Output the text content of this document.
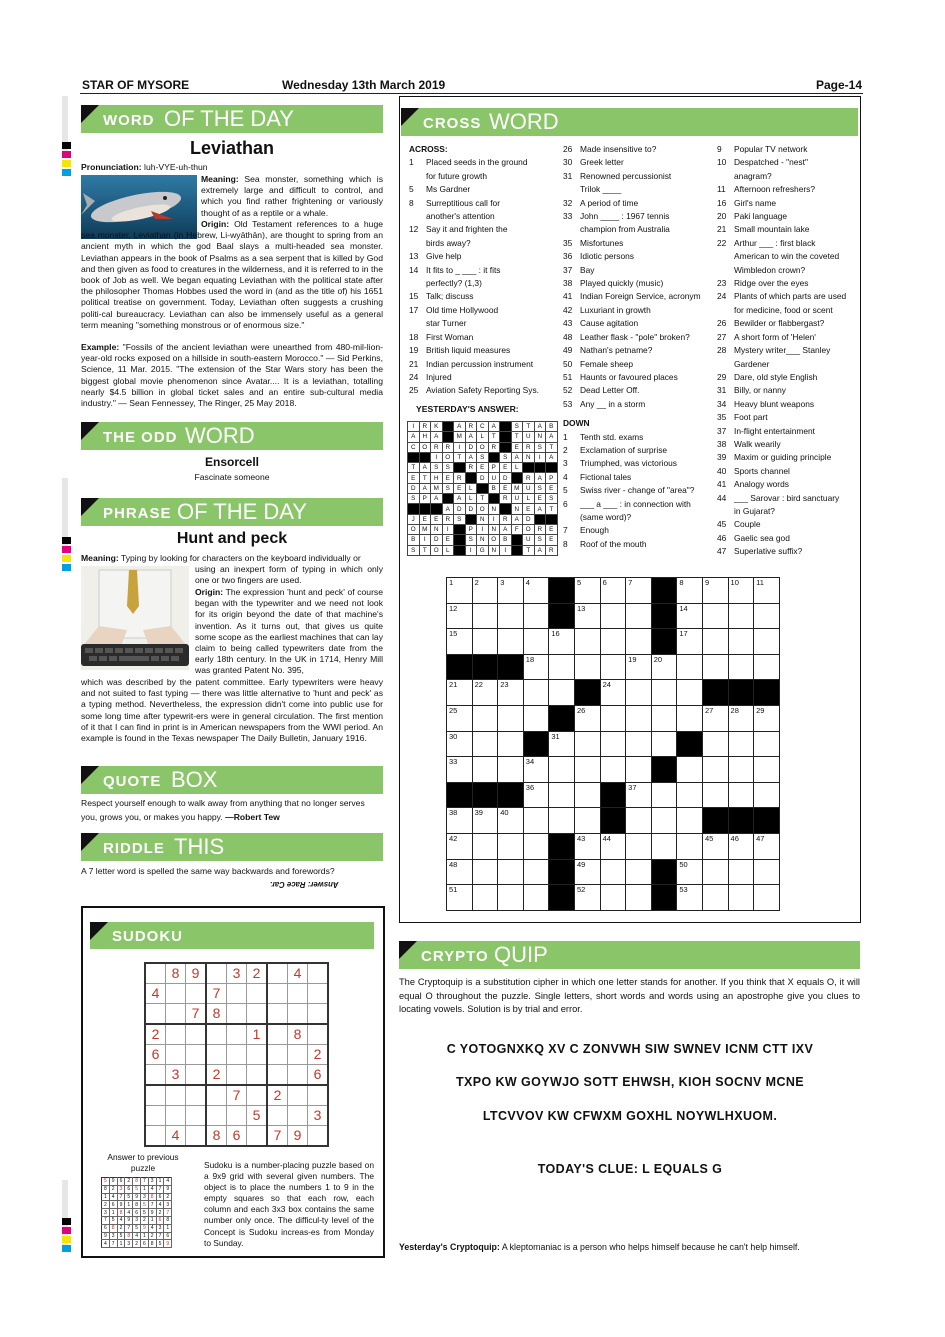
STAR OF MYSORE	Wednesday 13th March 2019	Page-14
WORD OF THE DAY
Leviathan
Pronunciation: luh-VYE-uh-thun
Meaning: Sea monster, something which is extremely large and difficult to control, and which you find rather frightening or variously thought of as a reptile or a whale.
Origin: Old Testament references to a huge sea monster, Leviathan (in Hebrew, Li-wyāthān), are thought to spring from an ancient myth in which the god Baal slays a multi-headed sea monster. Leviathan appears in the book of Psalms as a sea serpent that is killed by God and then given as food to creatures in the wilderness, and it is referred to in the book of Job as well. We began equating Leviathan with the political state after the philosopher Thomas Hobbes used the word in (and as the title of) his 1651 political treatise on government. Today, Leviathan often suggests a crushing politi-cal bureaucracy. Leviathan can also be immensely useful as a general term meaning "something monstrous or of enormous size."
Example: "Fossils of the ancient leviathan were unearthed from 480-mil-lion-year-old rocks exposed on a hillside in south-eastern Morocco." — Sid Perkins, Science, 11 Mar. 2015. "The extension of the Star Wars story has been the biggest global movie phenomenon since Avatar.... It is a leviathan, totalling nearly $4.5 billion in global ticket sales and an entire sub-cultural media industry." — Sean Fennessey, The Ringer, 25 May 2018.
THE ODD WORD
Ensorcell
Fascinate someone
PHRASE OF THE DAY
Hunt and peck
Meaning: Typing by looking for characters on the keyboard individually or
using an inexpert form of typing in which only one or two fingers are used.
Origin: The expression 'hunt and peck' of course began with the typewriter and we need not look for its origin beyond the date of that machine's invention. As it turns out, that gives us quite some scope as the earliest machines that can lay claim to being called typewriters date from the early 18th century. In the UK in 1714, Henry Mill was granted Patent No. 395,
which was described by the patent committee. Early typewriters were heavy and not suited to fast typing — there was little alternative to 'hunt and peck' as a typing method. Nevertheless, the expression didn't come into public use for some long time after typewrit-ers were in general circulation. The first mention of it that I can find in print is in American newspapers from the WWI period. An example is found in the Texas newspaper The Daily Bulletin, January 1916.
QUOTE BOX
Respect yourself enough to walk away from anything that no longer serves you, grows you, or makes you happy. —Robert Tew
RIDDLE THIS
A 7 letter word is spelled the same way backwards and forewords?
Answer: Race Car.
SUDOKU
	8	9		3	2		4	
4			7					
		7	8					
2					1		8	
6								2
	3		2					6
				7		2		
					5			3
	4		8	6		7	9	
Answer to previous puzzle
5	9	6	2	8	7	3	1	4
8	2	3	6	5	1	4	7	9
1	4	7	5	9	3	8	6	2
2	6	9	1	8	5	7	4	3
3	1	8	4	6	5	9	2	7
7	5	4	9	3	2	1	6	8
6	8	2	7	5	9	4	3	1
9	3	5	8	4	1	2	7	6
4	7	1	3	2	6	8	5	9
Sudoku is a number-placing puzzle based on a 9x9 grid with several given numbers. The object is to place the numbers 1 to 9 in the empty squares so that each row, each column and each 3x3 box contains the same number only once. The difficul-ty level of the Concept is Sudoku increas-es from Monday to Sunday.
CROSS WORD
ACROSS:
1 Placed seeds in the ground
for future growth
5 Ms Gardner
8 Surreptitious call for
another's attention
12 Say it and frighten the
birds away?
13 Give help
14 It fits to _ ___ : it fits
perfectly? (1,3)
15 Talk; discuss
17 Old time Hollywood
star Turner
18 First Woman
19 British liquid measures
21 Indian percussion instrument
24 Injured
25 Aviation Safety Reporting Sys.
YESTERDAY'S ANSWER:
I	R	K		A	R	C	A		S	T	A	B
A	H	A		M	A	L	T		T	U	N	A
C	O	R	R	I	D	O	R		E	R	S	T
		I	O	T	A	S		S	A	N	I	A
T	A	S	S		R	E	P	E	L			
E	T	H	E	R		D	U	D		R	A	P
D	A	M	S	E	L		B	E	M	U	S	E
S	P	A		A	L	T		R	U	L	E	S
			A	D	D	O	N		N	E	A	T
J	E	E	R	S		N	I	R	A	D		
O	M	N	I		P	I	N	A	F	O	R	E
B	I	D	E		S	N	O	B		U	S	E
S	T	O	L		I	G	N	I		T	A	R
26 Made insensitive to?
30 Greek letter
31 Renowned percussionist
Trilok ____
32 A period of time
33 John ____ : 1967 tennis
champion from Australia
35 Misfortunes
36 Idiotic persons
37 Bay
38 Played quickly (music)
41 Indian Foreign Service, acronym
42 Luxuriant in growth
43 Cause agitation
48 Leather flask - "pole" broken?
49 Nathan's petname?
50 Female sheep
51 Haunts or favoured places
52 Dead Letter Off.
53 Any __ in a storm
DOWN
1 Tenth std. exams
2 Exclamation of surprise
3 Triumphed, was victorious
4 Fictional tales
5 Swiss river - change of "area"?
6 ___ a ___ : in connection with
(same word)?
7 Enough
8 Roof of the mouth
9 Popular TV network
10 Despatched - "nest"
anagram?
11 Afternoon refreshers?
16 Girl's name
20 Paki language
21 Small mountain lake
22 Arthur ___ : first black
American to win the coveted
Wimbledon crown?
23 Ridge over the eyes
24 Plants of which parts are used
for medicine, food or scent
26 Bewilder or flabbergast?
27 A short form of 'Helen'
28 Mystery writer___ Stanley
Gardener
29 Dare, old style English
31 Billy, or nanny
34 Heavy blunt weapons
35 Foot part
37 In-flight entertainment
38 Walk wearily
39 Maxim or guiding principle
40 Sports channel
41 Analogy words
44 ___ Sarovar : bird sanctuary
in Gujarat?
45 Couple
46 Gaelic sea god
47 Superlative suffix?
1	2	3	4		5	6	7		8	9	10	11

12					13				14			

15				16					17			

			18				19	20				

21	22	23				24						

25					26					27	28	29

30				31								

33			34									

			36				37					

38	39	40										

42					43	44				45	46	47

48					49				50			

51					52				53			

CRYPTO QUIP
The Cryptoquip is a substitution cipher in which one letter stands for another. If you think that X equals O, it will equal O throughout the puzzle. Single letters, short words and words using an apostrophe give you clues to locating vowels. Solution is by trial and error.
C YOTOGNXKQ XV C ZONVWH SIW SWNEV ICNM CTT IXV
TXPO KW GOYWJO SOTT EHWSH, KIOH SOCNV MCNE
LTCVVOV KW CFWXM GOXHL NOYWLHXUOM.
TODAY'S CLUE: L EQUALS G
Yesterday's Cryptoquip: A kleptomaniac is a person who helps himself because he can't help himself.
